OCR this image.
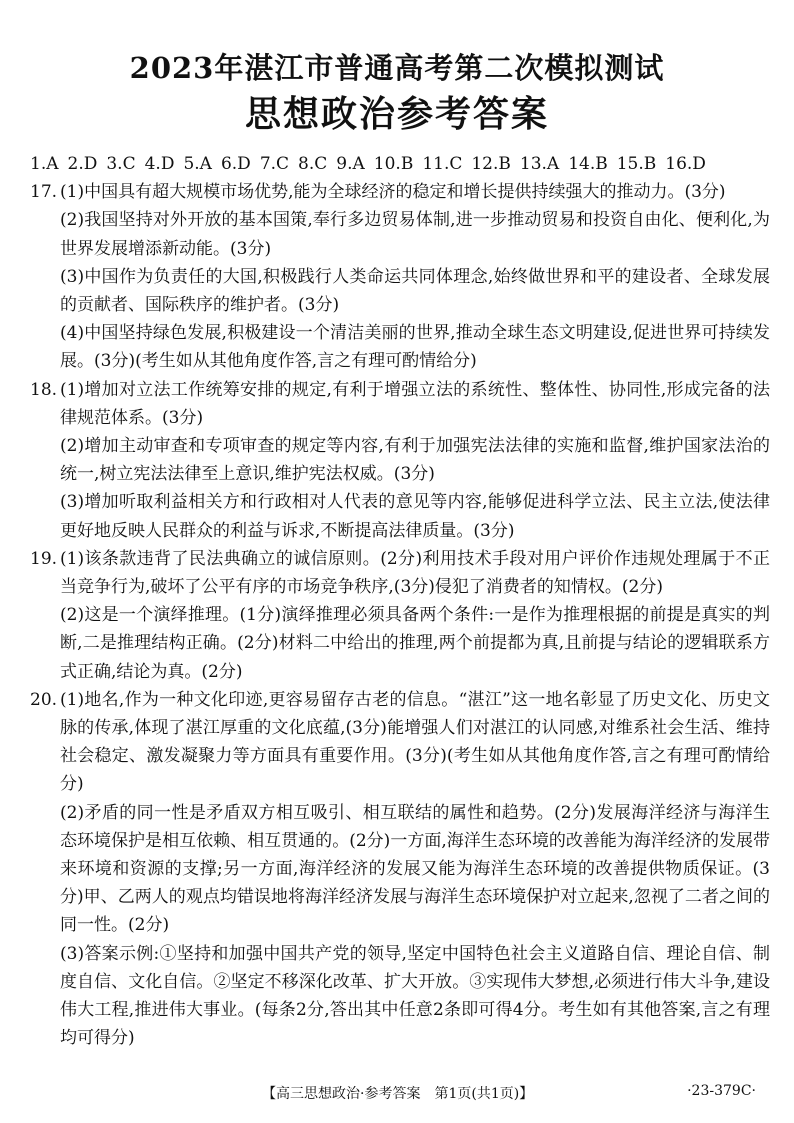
2023年湛江市普通高考第二次模拟测试
思想政治参考答案

1.A 2.D 3.C 4.D 5.A 6.D 7.C 8.C 9.A 10.B 11.C 12.B 13.A 14.B 15.B 16.D

17. (1)中国具有超大规模市场优势,能为全球经济的稳定和增长提供持续强大的推动力。(3分)

(2)我国坚持对外开放的基本国策,奉行多边贸易体制,进一步推动贸易和投资自由化、便利化,为世界发展增添新动能。(3分)

(3)中国作为负责任的大国,积极践行人类命运共同体理念,始终做世界和平的建设者、全球发展的贡献者、国际秩序的维护者。(3分)

(4)中国坚持绿色发展,积极建设一个清洁美丽的世界,推动全球生态文明建设,促进世界可持续发展。(3分)(考生如从其他角度作答,言之有理可酌情给分)

18. (1)增加对立法工作统筹安排的规定,有利于增强立法的系统性、整体性、协同性,形成完备的法律规范体系。(3分)

(2)增加主动审查和专项审查的规定等内容,有利于加强宪法法律的实施和监督,维护国家法治的统一,树立宪法法律至上意识,维护宪法权威。(3分)

(3)增加听取利益相关方和行政相对人代表的意见等内容,能够促进科学立法、民主立法,使法律更好地反映人民群众的利益与诉求,不断提高法律质量。(3分)

19. (1)该条款违背了民法典确立的诚信原则。(2分)利用技术手段对用户评价作违规处理属于不正当竞争行为,破坏了公平有序的市场竞争秩序,(3分)侵犯了消费者的知情权。(2分)

(2)这是一个演绎推理。(1分)演绎推理必须具备两个条件:一是作为推理根据的前提是真实的判断,二是推理结构正确。(2分)材料二中给出的推理,两个前提都为真,且前提与结论的逻辑联系方式正确,结论为真。(2分)

20. (1)地名,作为一种文化印迹,更容易留存古老的信息。“湛江”这一地名彰显了历史文化、历史文脉的传承,体现了湛江厚重的文化底蕴,(3分)能增强人们对湛江的认同感,对维系社会生活、维持社会稳定、激发凝聚力等方面具有重要作用。(3分)(考生如从其他角度作答,言之有理可酌情给分)

(2)矛盾的同一性是矛盾双方相互吸引、相互联结的属性和趋势。(2分)发展海洋经济与海洋生态环境保护是相互依赖、相互贯通的。(2分)一方面,海洋生态环境的改善能为海洋经济的发展带来环境和资源的支撑;另一方面,海洋经济的发展又能为海洋生态环境的改善提供物质保证。(3分)甲、乙两人的观点均错误地将海洋经济发展与海洋生态环境保护对立起来,忽视了二者之间的同一性。(2分)

(3)答案示例:①坚持和加强中国共产党的领导,坚定中国特色社会主义道路自信、理论自信、制度自信、文化自信。②坚定不移深化改革、扩大开放。③实现伟大梦想,必须进行伟大斗争,建设伟大工程,推进伟大事业。(每条2分,答出其中任意2条即可得4分。考生如有其他答案,言之有理均可得分)

【高三思想政治·参考答案　第1页(共1页)】	·23-379C·
